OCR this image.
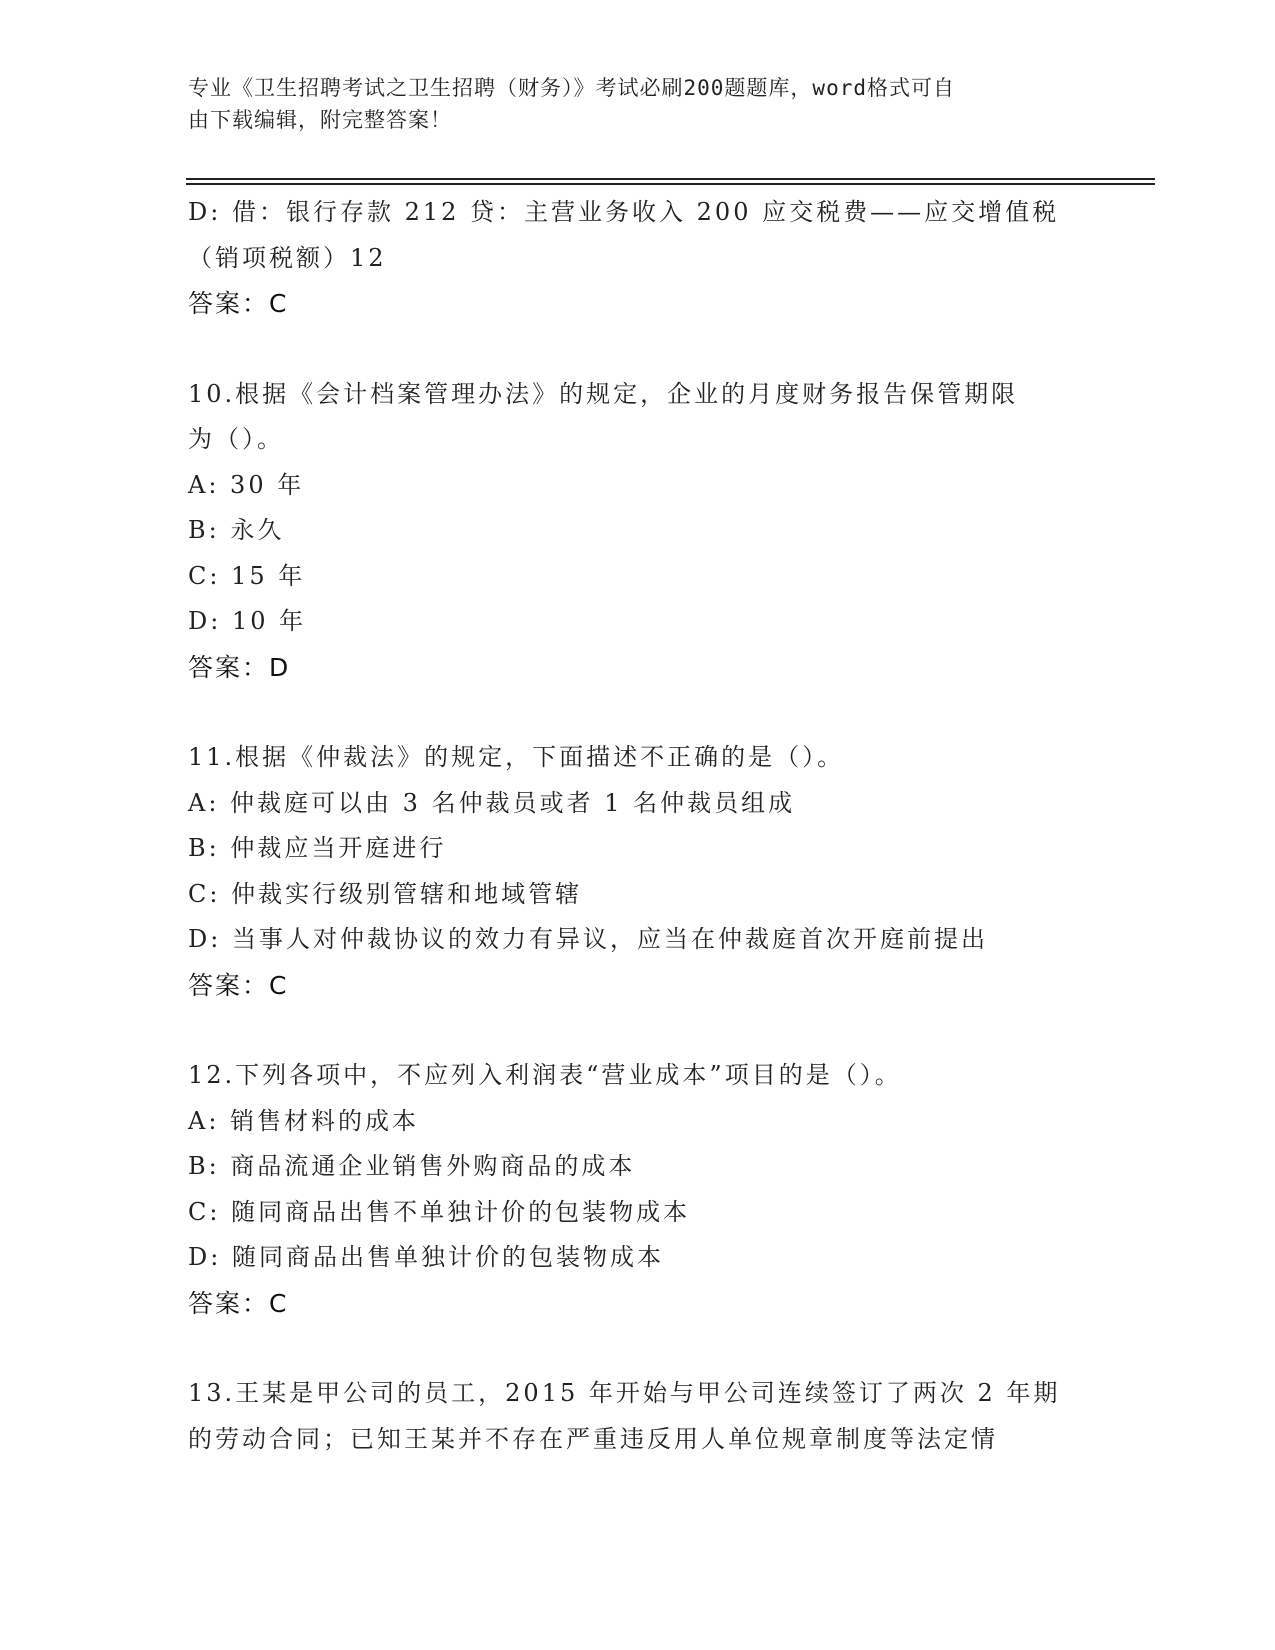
专业《卫生招聘考试之卫生招聘（财务）》考试必刷200题题库，word格式可自
由下载编辑，附完整答案！
D: 借：银行存款 212 贷：主营业务收入 200 应交税费——应交增值税
（销项税额）12
答案：C
10.根据《会计档案管理办法》的规定，企业的月度财务报告保管期限
为（）。
A: 30 年
B: 永久
C: 15 年
D: 10 年
答案：D
11.根据《仲裁法》的规定，下面描述不正确的是（）。
A: 仲裁庭可以由 3 名仲裁员或者 1 名仲裁员组成
B: 仲裁应当开庭进行
C: 仲裁实行级别管辖和地域管辖
D: 当事人对仲裁协议的效力有异议，应当在仲裁庭首次开庭前提出
答案：C
12.下列各项中，不应列入利润表“营业成本”项目的是（）。
A: 销售材料的成本
B: 商品流通企业销售外购商品的成本
C: 随同商品出售不单独计价的包装物成本
D: 随同商品出售单独计价的包装物成本
答案：C
13.王某是甲公司的员工，2015 年开始与甲公司连续签订了两次 2 年期
的劳动合同；已知王某并不存在严重违反用人单位规章制度等法定情
